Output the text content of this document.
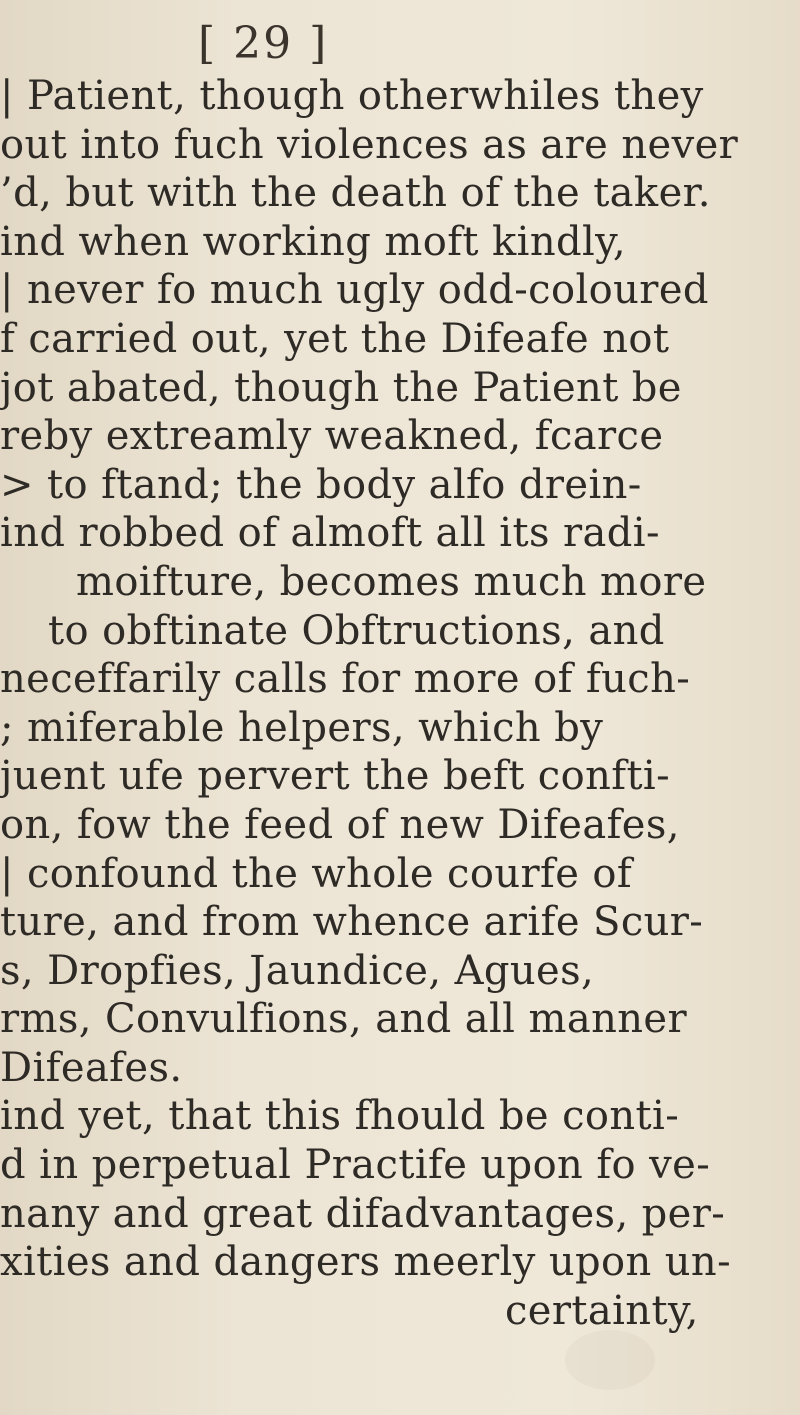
[ 29 ]
| Patient, though otherwhiles they
out into fuch violences as are never
’d, but with the death of the taker.
ind when working moft kindly,
| never fo much ugly odd-coloured
f carried out, yet the Difeafe not
jot abated, though the Patient be
reby extreamly weakned, fcarce
> to ftand; the body alfo drein-
ind robbed of almoft all its radi-
moifture, becomes much more
to obftinate Obftructions, and
neceffarily calls for more of fuch-
; miferable helpers, which by
juent ufe pervert the beft confti-
on, fow the feed of new Difeafes,
| confound the whole courfe of
ture, and from whence arife Scur-
s, Dropfies, Jaundice, Agues,
rms, Convulfions, and all manner
Difeafes.
ind yet, that this fhould be conti-
d in perpetual Practife upon fo ve-
nany and great difadvantages, per-
xities and dangers meerly upon un-
certainty,
